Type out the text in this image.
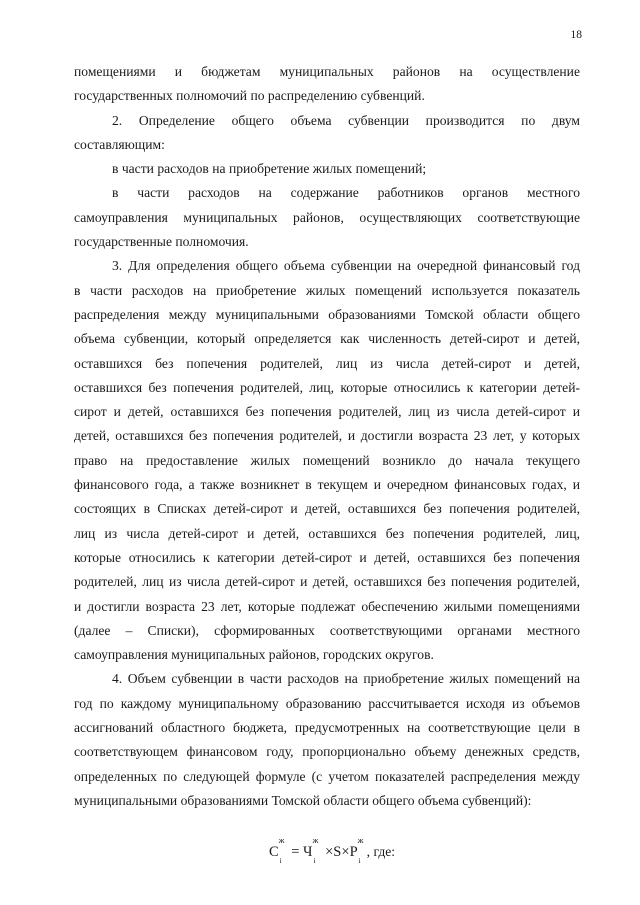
18

помещениями и бюджетам муниципальных районов на осуществление

государственных полномочий по распределению субвенций.

2. Определение общего объема субвенции производится по двум

составляющим:

в части расходов на приобретение жилых помещений;

в части расходов на содержание работников органов местного

самоуправления муниципальных районов, осуществляющих соответствующие

государственные полномочия.

3. Для определения общего объема субвенции на очередной финансовый год

в части расходов на приобретение жилых помещений используется показатель

распределения между муниципальными образованиями Томской области общего

объема субвенции, который определяется как численность детей-сирот и детей,

оставшихся без попечения родителей, лиц из числа детей-сирот и детей,

оставшихся без попечения родителей, лиц, которые относились к категории детей-

сирот и детей, оставшихся без попечения родителей, лиц из числа детей-сирот и

детей, оставшихся без попечения родителей, и достигли возраста 23 лет, у которых

право на предоставление жилых помещений возникло до начала текущего

финансового года, а также возникнет в текущем и очередном финансовых годах, и

состоящих в Списках детей-сирот и детей, оставшихся без попечения родителей,

лиц из числа детей-сирот и детей, оставшихся без попечения родителей, лиц,

которые относились к категории детей-сирот и детей, оставшихся без попечения

родителей, лиц из числа детей-сирот и детей, оставшихся без попечения родителей,

и достигли возраста 23 лет, которые подлежат обеспечению жилыми помещениями

(далее – Списки), сформированных соответствующими органами местного

самоуправления муниципальных районов, городских округов.

4. Объем субвенции в части расходов на приобретение жилых помещений на

год по каждому муниципальному образованию рассчитывается исходя из объемов

ассигнований областного бюджета, предусмотренных на соответствующие цели в

соответствующем финансовом году, пропорционально объему денежных средств,

определенных по следующей формуле (с учетом показателей распределения между

муниципальными образованиями Томской области общего объема субвенций):

C
ж
i
= Ч
ж
i
×S×P
ж
i
, где:
